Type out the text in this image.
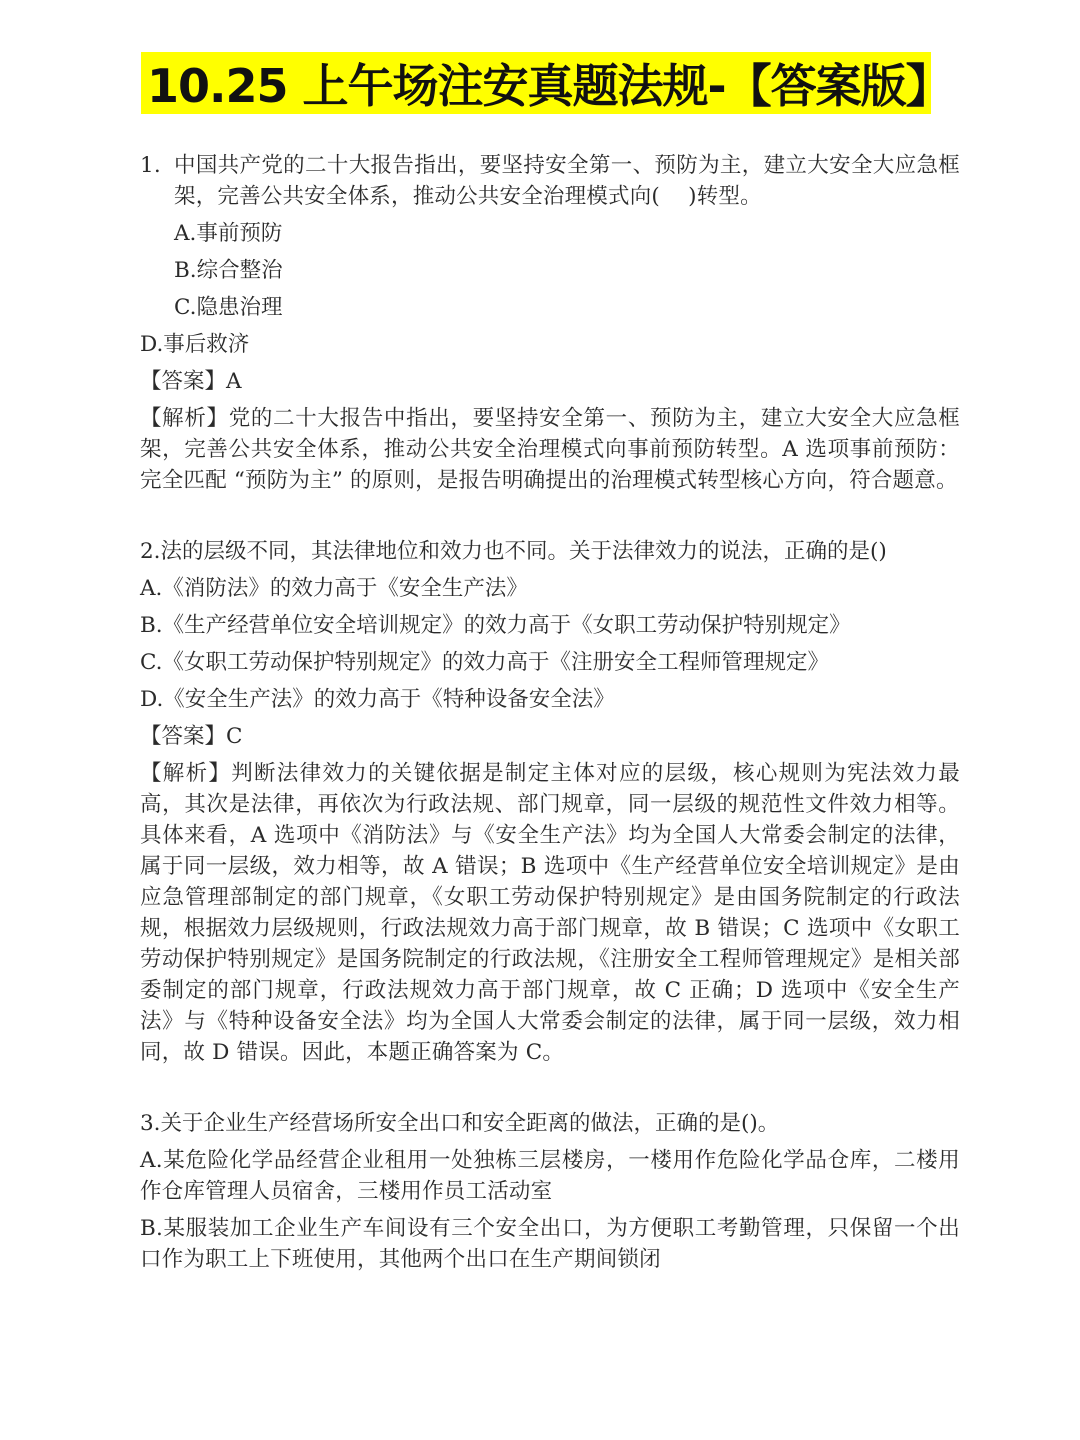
10.25 上午场注安真题法规-【答案版】

1. 中国共产党的二十大报告指出，要坚持安全第一、预防为主，建立大安全大应急框架，完善公共安全体系，推动公共安全治理模式向(    )转型。

A.事前预防

B.综合整治

C.隐患治理

D.事后救济

【答案】A

【解析】党的二十大报告中指出，要坚持安全第一、预防为主，建立大安全大应急框架，完善公共安全体系，推动公共安全治理模式向事前预防转型。A 选项事前预防：完全匹配 “预防为主” 的原则，是报告明确提出的治理模式转型核心方向，符合题意。

2.法的层级不同，其法律地位和效力也不同。关于法律效力的说法，正确的是()

A.《消防法》的效力高于《安全生产法》

B.《生产经营单位安全培训规定》的效力高于《女职工劳动保护特别规定》

C.《女职工劳动保护特别规定》的效力高于《注册安全工程师管理规定》

D.《安全生产法》的效力高于《特种设备安全法》

【答案】C

【解析】判断法律效力的关键依据是制定主体对应的层级，核心规则为宪法效力最高，其次是法律，再依次为行政法规、部门规章，同一层级的规范性文件效力相等。具体来看，A 选项中《消防法》与《安全生产法》均为全国人大常委会制定的法律，属于同一层级，效力相等，故 A 错误；B 选项中《生产经营单位安全培训规定》是由应急管理部制定的部门规章，《女职工劳动保护特别规定》是由国务院制定的行政法规，根据效力层级规则，行政法规效力高于部门规章，故 B 错误；C 选项中《女职工劳动保护特别规定》是国务院制定的行政法规，《注册安全工程师管理规定》是相关部委制定的部门规章，行政法规效力高于部门规章，故 C 正确；D 选项中《安全生产法》与《特种设备安全法》均为全国人大常委会制定的法律，属于同一层级，效力相同，故 D 错误。因此，本题正确答案为 C。

3.关于企业生产经营场所安全出口和安全距离的做法，正确的是()。

A.某危险化学品经营企业租用一处独栋三层楼房，一楼用作危险化学品仓库，二楼用作仓库管理人员宿舍，三楼用作员工活动室

B.某服装加工企业生产车间设有三个安全出口，为方便职工考勤管理，只保留一个出口作为职工上下班使用，其他两个出口在生产期间锁闭
